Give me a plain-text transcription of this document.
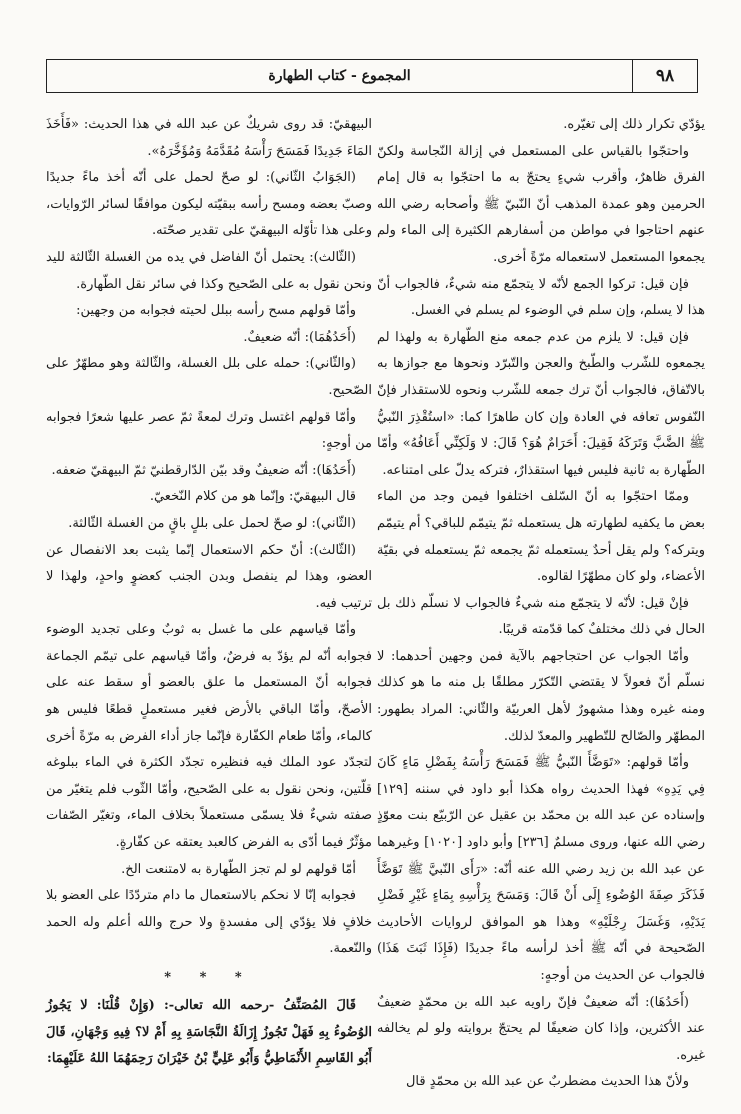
المجموع - كتاب الطهارة	٩٨

يؤدّي تكرار ذلك إلى تغيّره.

واحتجّوا بالقياس على المستعمل في إزالة النّجاسة ولكنّ الفرق ظاهرٌ، وأقرب شيءٍ يحتجّ به ما احتجّوا به قال إمام الحرمين وهو عمدة المذهب أنّ النّبيّ ﷺ وأصحابه رضي الله عنهم احتاجوا في مواطن من أسفارهم الكثيرة إلى الماء ولم يجمعوا المستعمل لاستعماله مرّةً أخرى.

فإن قيل: تركوا الجمع لأنّه لا يتجمّع منه شيءٌ، فالجواب أنّ هذا لا يسلم، وإن سلم في الوضوء لم يسلم في الغسل.

فإن قيل: لا يلزم من عدم جمعه منع الطّهارة به ولهذا لم يجمعوه للشّرب والطّبخ والعجن والتّبرّد ونحوها مع جوازها به بالاتّفاق، فالجواب أنّ ترك جمعه للشّرب ونحوه للاستقذار فإنّ النّفوس تعافه في العادة وإن كان طاهرًا كما: «استُقْذِرَ النّبيُّ ﷺ الضَّبَّ وَتَرَكَهُ فَقِيلَ: أَحَرَامٌ هُوَ؟ قَالَ: لا وَلَكِنِّي أَعَافُهُ» وأمّا الطّهارة به ثانية فليس فيها استقذارٌ، فتركه يدلّ على امتناعه.

وممّا احتجّوا به أنّ السّلف اختلفوا فيمن وجد من الماء بعض ما يكفيه لطهارته هل يستعمله ثمّ يتيمّم للباقي؟ أم يتيمّم ويتركه؟ ولم يقل أحدٌ يستعمله ثمّ يجمعه ثمّ يستعمله في بقيّة الأعضاء، ولو كان مطهّرًا لقالوه.

فإنْ قيل: لأنّه لا يتجمّع منه شيءٌ فالجواب لا نسلّم ذلك بل الحال في ذلك مختلفٌ كما قدّمته قريبًا.

وأمّا الجواب عن احتجاجهم بالآية فمن وجهين أحدهما: لا نسلّم أنّ فعولاً لا يقتضي التّكرّر مطلقًا بل منه ما هو كذلك ومنه غيره وهذا مشهورٌ لأهل العربيّة والثّاني: المراد بطهور: المطهّر والصّالح للتّطهير والمعدّ لذلك.

وأمّا قولهم: «تَوَضَّأَ النّبيُّ ﷺ فَمَسَحَ رَأْسَهُ بِفَضْلِ مَاءٍ كَانَ فِي يَدِهِ» فهذا الحديث رواه هكذا أبو داود في سننه [١٢٩] وإسناده عن عبد الله بن محمّد بن عقيل عن الرّبيّع بنت معوّذٍ رضي الله عنها، وروى مسلمٌ [٢٣٦] وأبو داود [١٠٢٠] وغيرهما عن عبد الله بن زيد رضي الله عنه أنّه: «رَأَى النّبيَّ ﷺ تَوَضَّأَ فَذَكَرَ صِفَةَ الوُضُوءِ إِلَى أَنْ قَالَ: وَمَسَحَ بِرَأْسِهِ بِمَاءٍ غَيْرِ فَضْلِ يَدَيْهِ، وَغَسَلَ رِجْلَيْهِ» وهذا هو الموافق لروايات الأحاديث الصّحيحة في أنّه ﷺ أخذ لرأسه ماءً جديدًا (فَإِذَا ثَبَتَ هَذَا) فالجواب عن الحديث من أوجهٍ:

(أَحَدُهَا): أنّه ضعيفٌ فإنّ راويه عبد الله بن محمّدٍ ضعيفٌ عند الأكثرين، وإذا كان ضعيفًا لم يحتجّ بروايته ولو لم يخالفه غيره.

ولأنّ هذا الحديث مضطربٌ عن عبد الله بن محمّدٍ قال

البيهقيّ: قد روى شريكٌ عن عبد الله في هذا الحديث: «فَأَخَذَ المَاءَ جَدِيدًا فَمَسَحَ رَأْسَهُ مُقَدَّمَهُ وَمُؤَخَّرَهُ».

(الجَوَابُ الثّاني): لو صحّ لحمل على أنّه أخذ ماءً جديدًا وصبّ بعضه ومسح رأسه ببقيّته ليكون موافقًا لسائر الرّوايات، وعلى هذا تأوّله البيهقيّ على تقدير صحّته.

(الثّالث): يحتمل أنّ الفاضل في يده من الغسلة الثّالثة لليد ونحن نقول به على الصّحيح وكذا في سائر نقل الطّهارة.

وأمّا قولهم مسح رأسه ببلل لحيته فجوابه من وجهين:

(أَحَدُهُمَا): أنّه ضعيفٌ.

(والثّاني): حمله على بلل الغسلة، والثّالثة وهو مطهّرٌ على الصّحيح.

وأمّا قولهم اغتسل وترك لمعةً ثمّ عصر عليها شعرًا فجوابه من أوجهٍ:

(أَحَدُهَا): أنّه ضعيفٌ وقد بيّن الدّارقطنيّ ثمّ البيهقيّ ضعفه.

قال البيهقيّ: وإنّما هو من كلام النّخعيّ.

(الثّاني): لو صحّ لحمل على بللٍ باقٍ من الغسلة الثّالثة.

(الثّالث): أنّ حكم الاستعمال إنّما يثبت بعد الانفصال عن العضو، وهذا لم ينفصل وبدن الجنب كعضوٍ واحدٍ، ولهذا لا ترتيب فيه.

وأمّا قياسهم على ما غسل به ثوبٌ وعلى تجديد الوضوء فجوابه أنّه لم يؤدّ به فرضٌ، وأمّا قياسهم على تيمّم الجماعة فجوابه أنّ المستعمل ما علق بالعضو أو سقط عنه على الأصحّ، وأمّا الباقي بالأرض فغير مستعملٍ قطعًا فليس هو كالماء، وأمّا طعام الكفّارة فإنّما جاز أداء الفرض به مرّةً أخرى لتجدّد عود الملك فيه فنظيره تجدّد الكثرة في الماء ببلوغه قلّتين، ونحن نقول به على الصّحيح، وأمّا الثّوب فلم يتغيّر من صفته شيءٌ فلا يسمّى مستعملاً بخلاف الماء، وتغيّر الصّفات مؤثّرٌ فيما أدّى به الفرض كالعبد يعتقه عن كفّارةٍ.

أمّا قولهم لو لم تجز الطّهارة به لامتنعت الخ.

فجوابه إنّا لا نحكم بالاستعمال ما دام متردّدًا على العضو بلا خلافٍ فلا يؤدّي إلى مفسدةٍ ولا حرج والله أعلم وله الحمد والنّعمة.

* * *

قَالَ المُصَنِّفُ -رحمه الله تعالى-: (وَإِنْ قُلْنَا: لا يَجُوزُ الوُضُوءُ بِهِ فَهَلْ تَجُوزُ إِزَالَةُ النَّجَاسَةِ بِهِ أَمْ لا؟ فِيهِ وَجْهَانِ، قَالَ أَبُو القَاسِمِ الأَنْمَاطِيُّ وَأَبُو عَلِيٍّ بْنُ خَيْرَانَ رَحِمَهُمَا اللهُ عَلَيْهِمَا:
